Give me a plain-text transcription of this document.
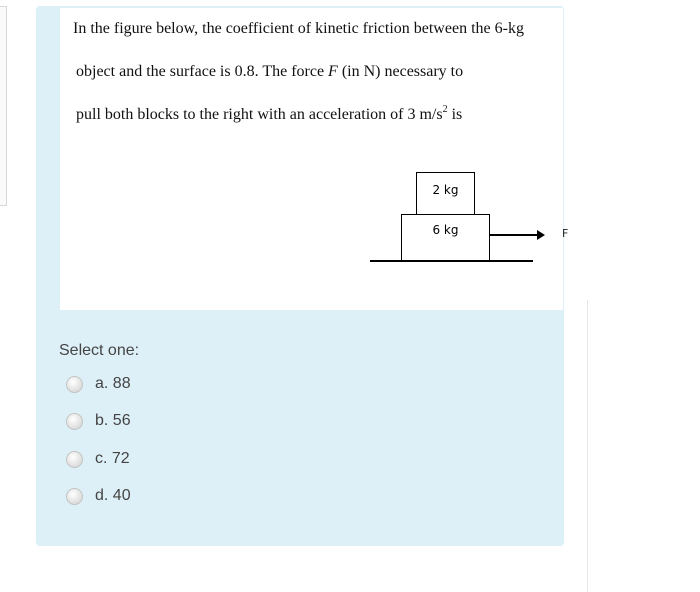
In the figure below, the coefficient of kinetic friction between the 6-kg
object and the surface is 0.8. The force F (in N) necessary to
pull both blocks to the right with an acceleration of 3 $m/s^2$ is
2 kg
6 kg	F
Select one:
a. 88
b. 56
c. 72
d. 40
